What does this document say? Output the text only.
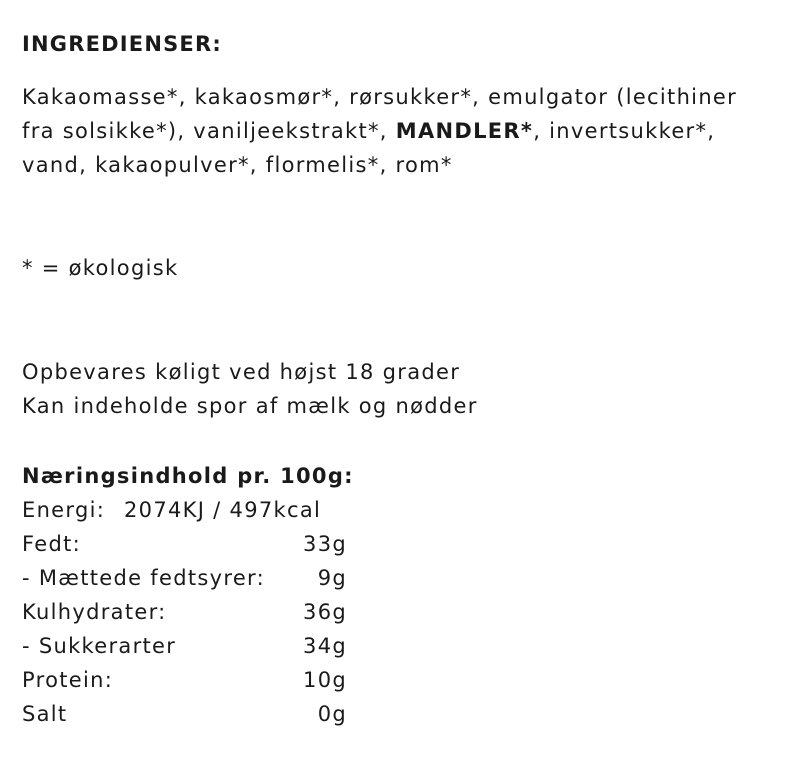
INGREDIENSER:
Kakaomasse*, kakaosmør*, rørsukker*, emulgator (lecithiner
fra solsikke*), vaniljeekstrakt*, MANDLER*, invertsukker*,
vand, kakaopulver*, flormelis*, rom*
* = økologisk
Opbevares køligt ved højst 18 grader
Kan indeholde spor af mælk og nødder
Næringsindhold pr. 100g:
Energi: 2074KJ / 497kcal
Fedt:	33g
- Mættede fedtsyrer:	9g
Kulhydrater:	36g
- Sukkerarter	34g
Protein:	10g
Salt	0g
